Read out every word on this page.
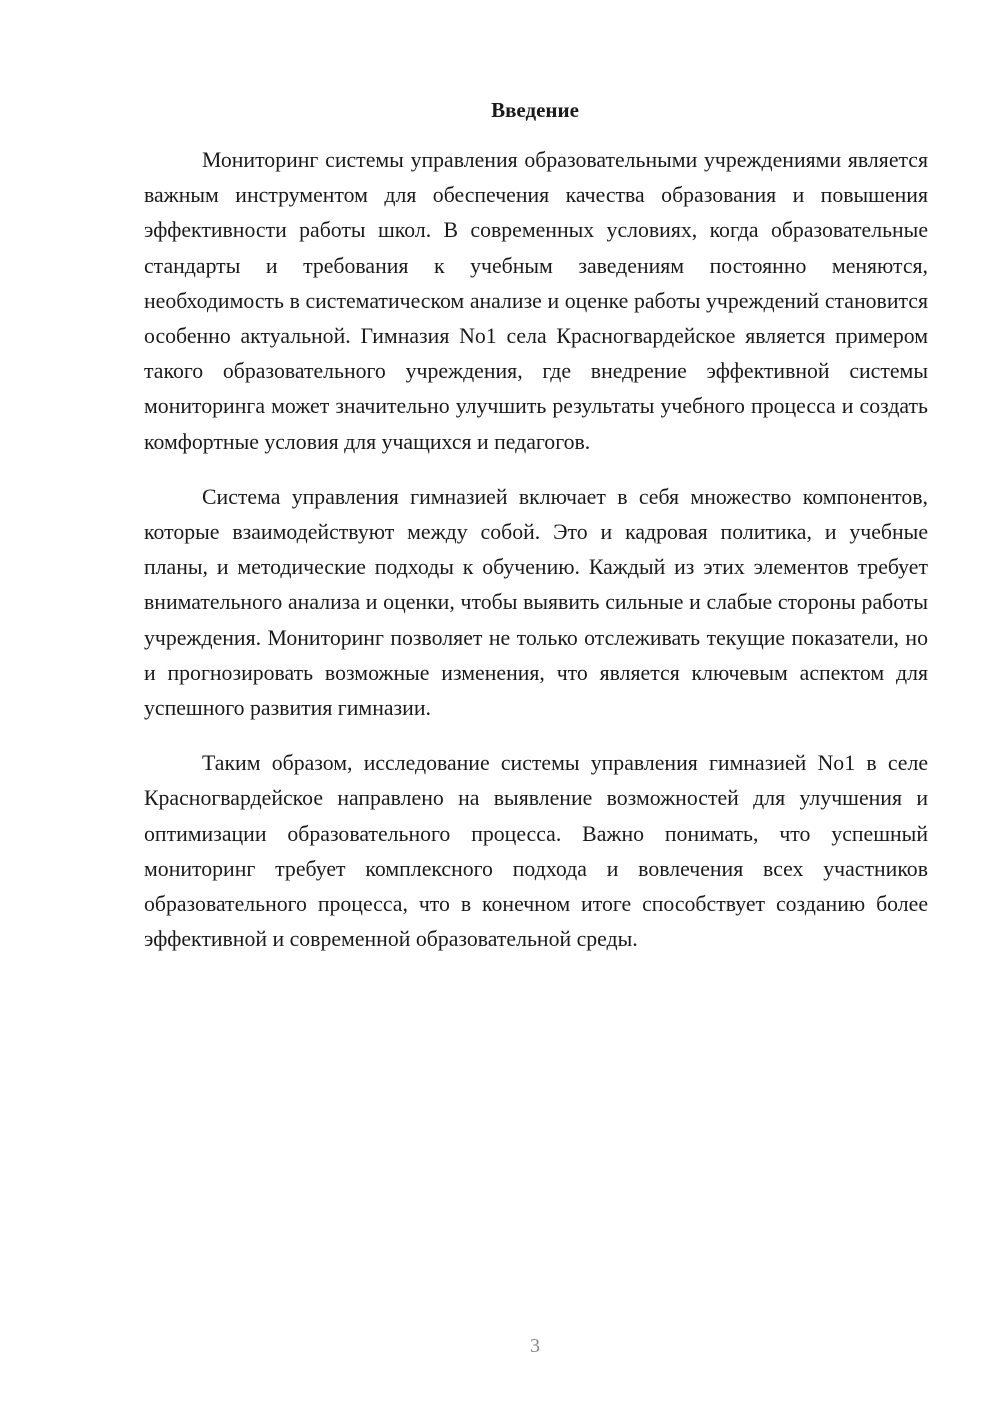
Введение

Мониторинг системы управления образовательными учреждениями является важным инструментом для обеспечения качества образования и повышения эффективности работы школ. В современных условиях, когда образовательные стандарты и требования к учебным заведениям постоянно меняются, необходимость в систематическом анализе и оценке работы учреждений становится особенно актуальной. Гимназия No1 села Красногвардейское является примером такого образовательного учреждения, где внедрение эффективной системы мониторинга может значительно улучшить результаты учебного процесса и создать комфортные условия для учащихся и педагогов.

Система управления гимназией включает в себя множество компонентов, которые взаимодействуют между собой. Это и кадровая политика, и учебные планы, и методические подходы к обучению. Каждый из этих элементов требует внимательного анализа и оценки, чтобы выявить сильные и слабые стороны работы учреждения. Мониторинг позволяет не только отслеживать текущие показатели, но и прогнозировать возможные изменения, что является ключевым аспектом для успешного развития гимназии.

Таким образом, исследование системы управления гимназией No1 в селе Красногвардейское направлено на выявление возможностей для улучшения и оптимизации образовательного процесса. Важно понимать, что успешный мониторинг требует комплексного подхода и вовлечения всех участников образовательного процесса, что в конечном итоге способствует созданию более эффективной и современной образовательной среды.

3
